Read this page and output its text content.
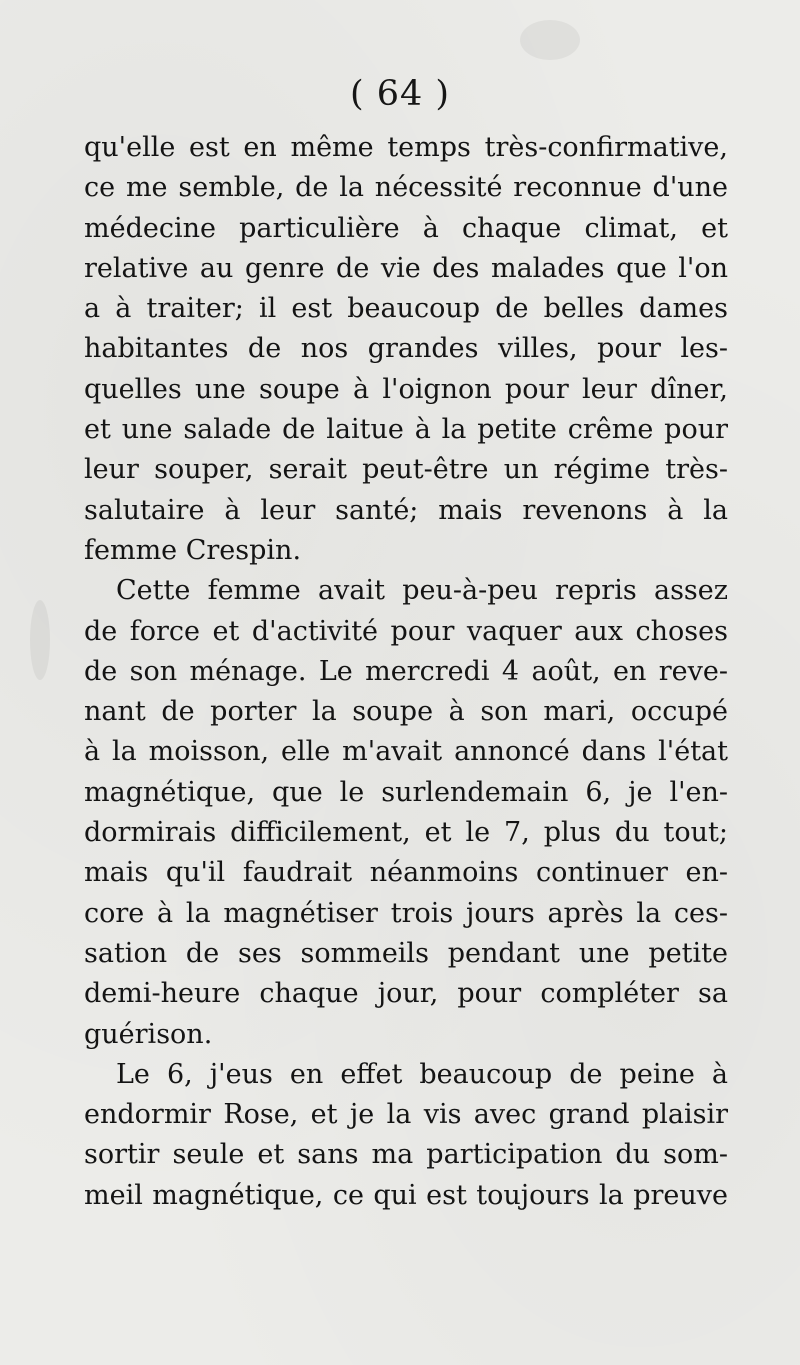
( 64 )
qu'elle est en même temps très-confirmative,
ce me semble, de la nécessité reconnue d'une
médecine particulière à chaque climat, et
relative au genre de vie des malades que l'on
a à traiter; il est beaucoup de belles dames
habitantes de nos grandes villes, pour les-
quelles une soupe à l'oignon pour leur dîner,
et une salade de laitue à la petite crême pour
leur souper, serait peut-être un régime très-
salutaire à leur santé; mais revenons à la
femme Crespin.
Cette femme avait peu-à-peu repris assez
de force et d'activité pour vaquer aux choses
de son ménage. Le mercredi 4 août, en reve-
nant de porter la soupe à son mari, occupé
à la moisson, elle m'avait annoncé dans l'état
magnétique, que le surlendemain 6, je l'en-
dormirais difficilement, et le 7, plus du tout;
mais qu'il faudrait néanmoins continuer en-
core à la magnétiser trois jours après la ces-
sation de ses sommeils pendant une petite
demi-heure chaque jour, pour compléter sa
guérison.
Le 6, j'eus en effet beaucoup de peine à
endormir Rose, et je la vis avec grand plaisir
sortir seule et sans ma participation du som-
meil magnétique, ce qui est toujours la preuve
